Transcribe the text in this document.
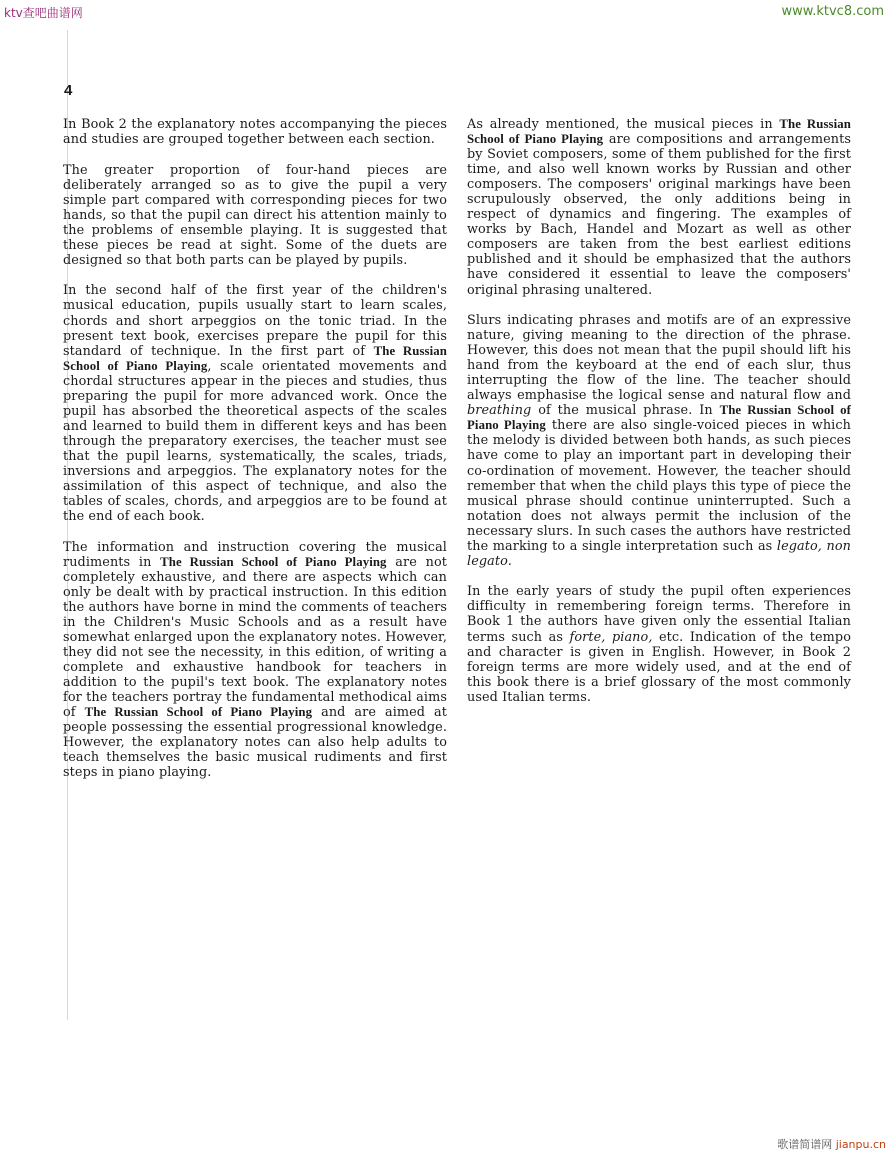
ktv查吧曲谱网	www.ktvc8.com
歌谱简谱网 jianpu.cn
4

In Book 2 the explanatory notes accompanying the pieces and studies are grouped together between each section.

The greater proportion of four-hand pieces are deliberately arranged so as to give the pupil a very simple part compared with corresponding pieces for two hands, so that the pupil can direct his attention mainly to the problems of ensemble playing. It is suggested that these pieces be read at sight. Some of the duets are designed so that both parts can be played by pupils.

In the second half of the first year of the children's musical education, pupils usually start to learn scales, chords and short arpeggios on the tonic triad. In the present text book, exercises prepare the pupil for this standard of technique. In the first part of The Russian School of Piano Playing, scale orientated movements and chordal structures appear in the pieces and studies, thus preparing the pupil for more advanced work. Once the pupil has absorbed the theoretical aspects of the scales and learned to build them in different keys and has been through the preparatory exercises, the teacher must see that the pupil learns, systematically, the scales, triads, inversions and arpeggios. The explanatory notes for the assimilation of this aspect of technique, and also the tables of scales, chords, and arpeggios are to be found at the end of each book.

The information and instruction covering the musical rudiments in The Russian School of Piano Playing are not completely exhaustive, and there are aspects which can only be dealt with by practical instruction. In this edition the authors have borne in mind the comments of teachers in the Children's Music Schools and as a result have somewhat enlarged upon the explanatory notes. However, they did not see the necessity, in this edition, of writing a complete and exhaustive handbook for teachers in addition to the pupil's text book. The explanatory notes for the teachers portray the fundamental methodical aims of The Russian School of Piano Playing and are aimed at people possessing the essential progressional knowledge. However, the explanatory notes can also help adults to teach themselves the basic musical rudiments and first steps in piano playing.

As already mentioned, the musical pieces in The Russian School of Piano Playing are compositions and arrangements by Soviet composers, some of them published for the first time, and also well known works by Russian and other composers. The composers' original markings have been scrupulously observed, the only additions being in respect of dynamics and fingering. The examples of works by Bach, Handel and Mozart as well as other composers are taken from the best earliest editions published and it should be emphasized that the authors have considered it essential to leave the composers' original phrasing unaltered.

Slurs indicating phrases and motifs are of an expressive nature, giving meaning to the direction of the phrase. However, this does not mean that the pupil should lift his hand from the keyboard at the end of each slur, thus interrupting the flow of the line. The teacher should always emphasise the logical sense and natural flow and breathing of the musical phrase. In The Russian School of Piano Playing there are also single-voiced pieces in which the melody is divided between both hands, as such pieces have come to play an important part in developing their co-ordination of movement. However, the teacher should remember that when the child plays this type of piece the musical phrase should continue uninterrupted. Such a notation does not always permit the inclusion of the necessary slurs. In such cases the authors have restricted the marking to a single interpretation such as legato, non legato.

In the early years of study the pupil often experiences difficulty in remembering foreign terms. Therefore in Book 1 the authors have given only the essential Italian terms such as forte, piano, etc. Indication of the tempo and character is given in English. However, in Book 2 foreign terms are more widely used, and at the end of this book there is a brief glossary of the most commonly used Italian terms.
